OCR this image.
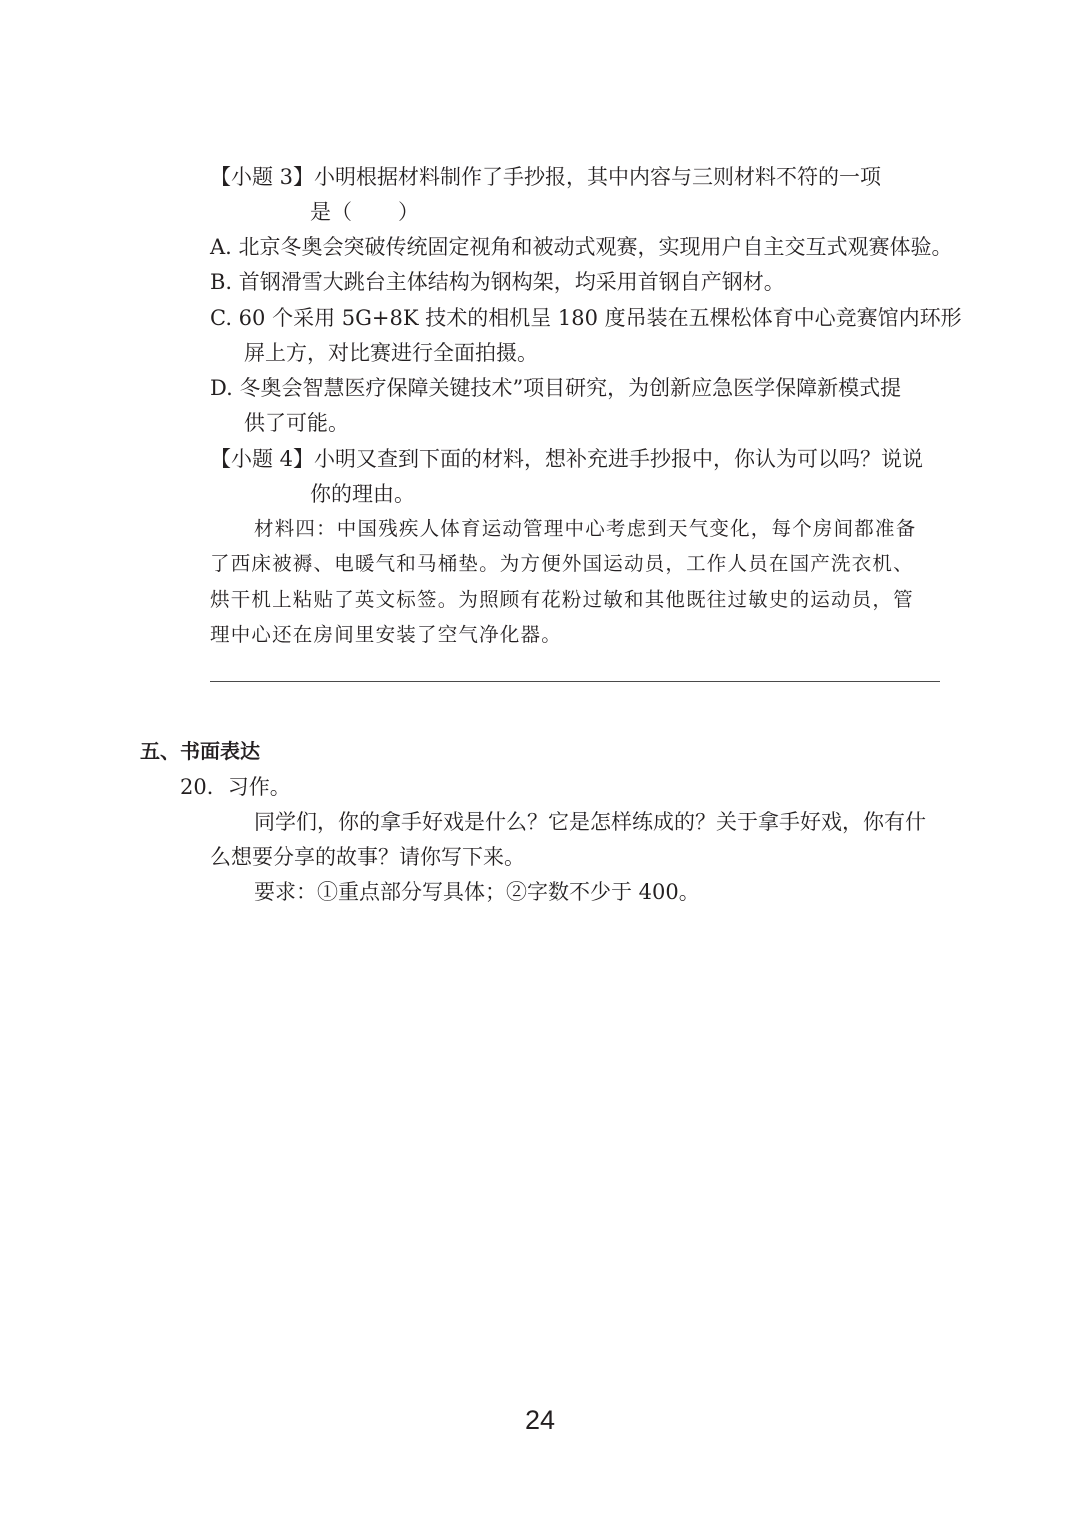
【小题 3】小明根据材料制作了手抄报，其中内容与三则材料不符的一项
是（ ）
A. 北京冬奥会突破传统固定视角和被动式观赛，实现用户自主交互式观赛体验。
B. 首钢滑雪大跳台主体结构为钢构架，均采用首钢自产钢材。
C. 60 个采用 5G+8K 技术的相机呈 180 度吊装在五棵松体育中心竞赛馆内环形
屏上方，对比赛进行全面拍摄。
D. 冬奥会智慧医疗保障关键技术”项目研究，为创新应急医学保障新模式提
供了可能。
【小题 4】小明又查到下面的材料，想补充进手抄报中，你认为可以吗？说说
你的理由。
材料四：中国残疾人体育运动管理中心考虑到天气变化，每个房间都准备
了西床被褥、电暖气和马桶垫。为方便外国运动员，工作人员在国产洗衣机、
烘干机上粘贴了英文标签。为照顾有花粉过敏和其他既往过敏史的运动员，管
理中心还在房间里安装了空气净化器。
五、书面表达
20．习作。
同学们，你的拿手好戏是什么？它是怎样练成的？关于拿手好戏，你有什
么想要分享的故事？请你写下来。
要求：①重点部分写具体；②字数不少于 400。
24
